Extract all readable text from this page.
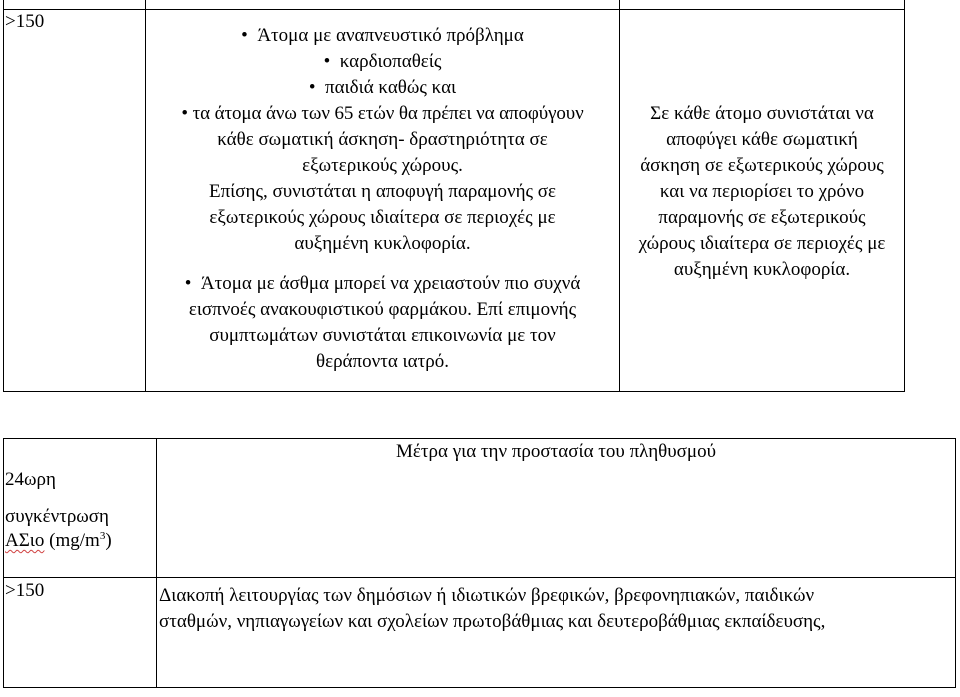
>150
•  Άτομα με αναπνευστικό πρόβλημα
•  καρδιοπαθείς
•  παιδιά καθώς και
• τα άτομα άνω των 65 ετών θα πρέπει να αποφύγουν
κάθε σωματική άσκηση- δραστηριότητα σε
εξωτερικούς χώρους.
Επίσης, συνιστάται η αποφυγή παραμονής σε
εξωτερικούς χώρους ιδιαίτερα σε περιοχές με
αυξημένη κυκλοφορία.
•  Άτομα με άσθμα μπορεί να χρειαστούν πιο συχνά
εισπνοές ανακουφιστικού φαρμάκου. Επί επιμονής
συμπτωμάτων συνιστάται επικοινωνία με τον
θεράποντα ιατρό.
Σε κάθε άτομο συνιστάται να
αποφύγει κάθε σωματική
άσκηση σε εξωτερικούς χώρους
και να περιορίσει το χρόνο
παραμονής σε εξωτερικούς
χώρους ιδιαίτερα σε περιοχές με
αυξημένη κυκλοφορία.
24ωρη
συγκέντρωση
ΑΣιο $(mg/m^3)$
Μέτρα για την προστασία του πληθυσμού
>150	Διακοπή λειτουργίας των δημόσιων ή ιδιωτικών βρεφικών, βρεφονηπιακών, παιδικών
σταθμών, νηπιαγωγείων και σχολείων πρωτοβάθμιας και δευτεροβάθμιας εκπαίδευσης,
